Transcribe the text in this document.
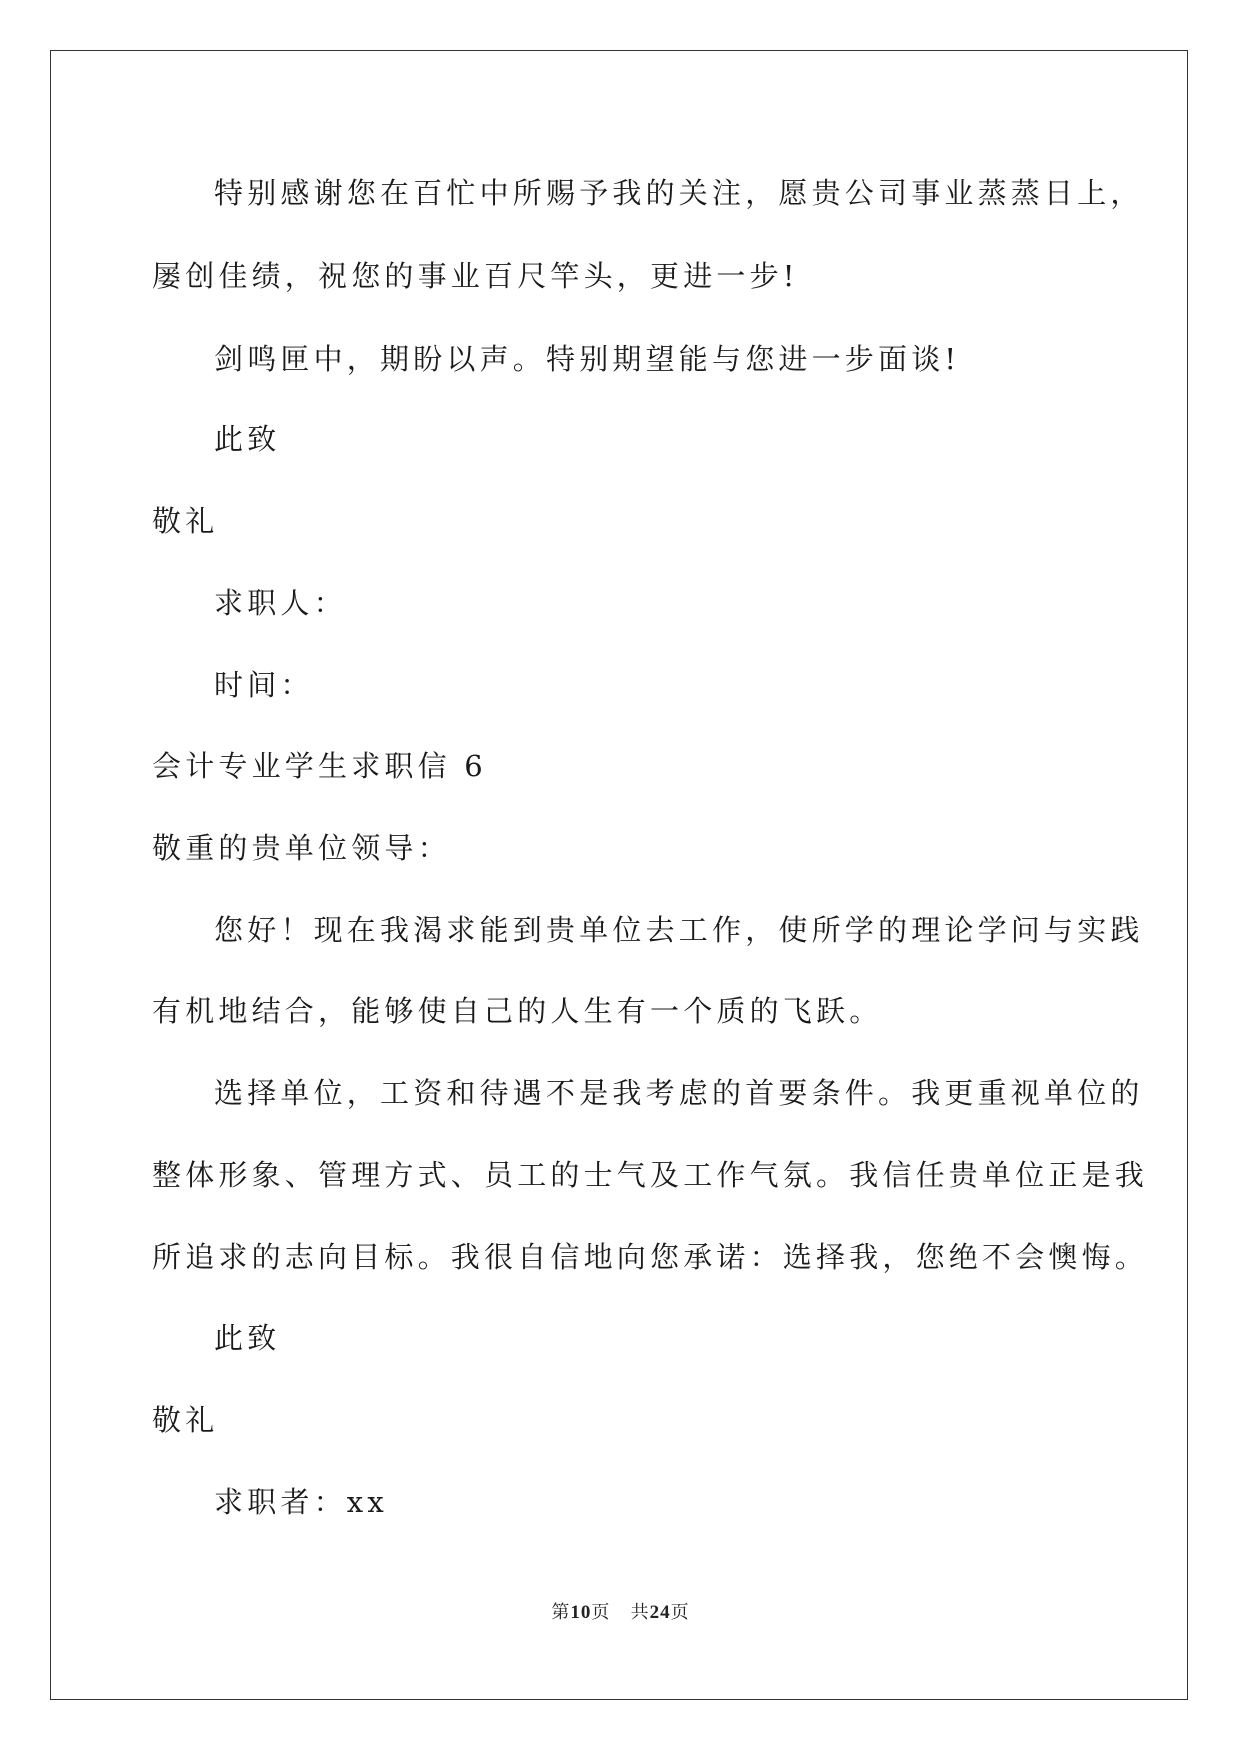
特别感谢您在百忙中所赐予我的关注，愿贵公司事业蒸蒸日上，
屡创佳绩，祝您的事业百尺竿头，更进一步!
剑鸣匣中，期盼以声。特别期望能与您进一步面谈!
此致
敬礼
求职人：
时间：
会计专业学生求职信 6
敬重的贵单位领导：
您好！现在我渴求能到贵单位去工作，使所学的理论学问与实践
有机地结合，能够使自己的人生有一个质的飞跃。
选择单位，工资和待遇不是我考虑的首要条件。我更重视单位的
整体形象、管理方式、员工的士气及工作气氛。我信任贵单位正是我
所追求的志向目标。我很自信地向您承诺：选择我，您绝不会懊悔。
此致
敬礼
求职者：xx
第10页 共24页
